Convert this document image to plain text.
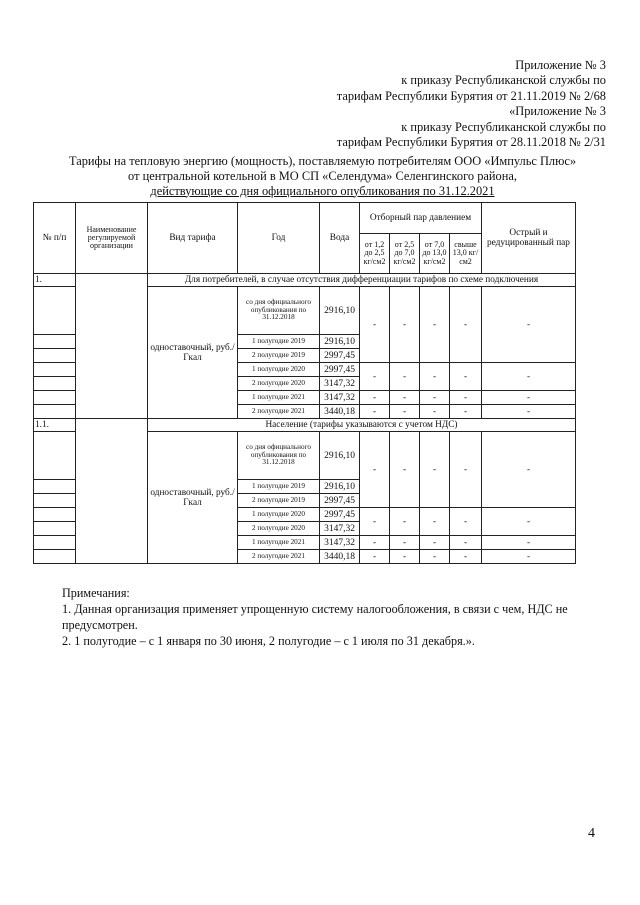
Приложение № 3
к приказу Республиканской службы по
тарифам Республики Бурятия от 21.11.2019 № 2/68
«Приложение № 3
к приказу Республиканской службы по
тарифам Республики Бурятия от 28.11.2018 № 2/31
Тарифы на тепловую энергию (мощность), поставляемую потребителям ООО «Импульс Плюс»
от центральной котельной в МО СП «Селендума» Селенгинского района,
действующие со дня официального опубликования по 31.12.2021
№ п/п	Наименование регулируемой организации	Вид тарифа	Год	Вода	Отборный пар давлением				Острый и редуцированный пар
					от 1,2 до 2,5 кг/см2	от 2,5 до 7,0 кг/см2	от 7,0 до 13,0 кг/см2	свыше 13,0 кг/см2	
1.		Для потребителей, в случае отсутствия дифференциации тарифов по схеме подключения							
		одноставочный, руб./Гкал	со дня официального опубликования по 31.12.2018	2916,10	-	-	-	-	-
			1 полугодие 2019	2916,10					
			2 полугодие 2019	2997,45					
			1 полугодие 2020	2997,45	-	-	-	-	-
			2 полугодие 2020	3147,32					
			1 полугодие 2021	3147,32	-	-	-	-	-
			2 полугодие 2021	3440,18	-	-	-	-	-
1.1.		Население (тарифы указываются с учетом НДС)							
		одноставочный, руб./Гкал	со дня официального опубликования по 31.12.2018	2916,10	-	-	-	-	-
			1 полугодие 2019	2916,10					
			2 полугодие 2019	2997,45					
			1 полугодие 2020	2997,45	-	-	-	-	-
			2 полугодие 2020	3147,32					
			1 полугодие 2021	3147,32	-	-	-	-	-
			2 полугодие 2021	3440,18	-	-	-	-	-
Примечания:
1. Данная организация применяет упрощенную систему налогообложения, в связи с чем, НДС не предусмотрен.
2. 1 полугодие – с 1 января по 30 июня, 2 полугодие – с 1 июля по 31 декабря.».
4
